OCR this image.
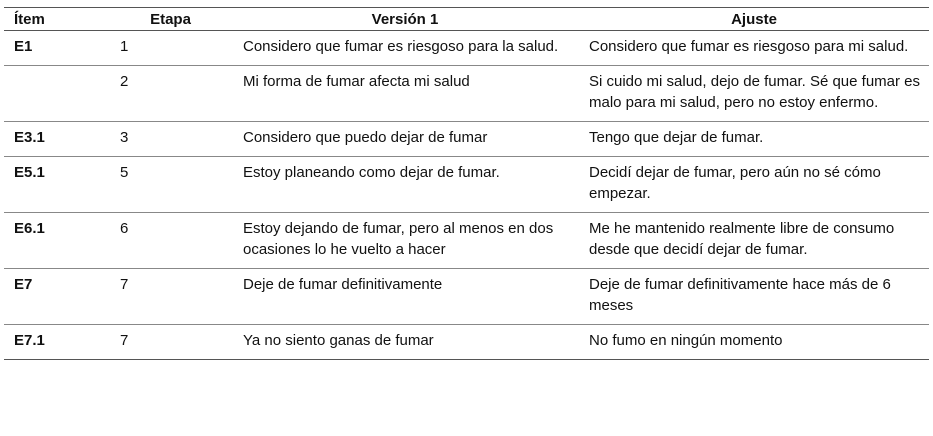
Ítem	Etapa	Versión 1	Ajuste
E1	1	Considero que fumar es riesgoso para la salud.	Considero que fumar es riesgoso para mi salud.
	2	Mi forma de fumar afecta mi salud	Si cuido mi salud, dejo de fumar. Sé que fumar es malo para mi salud, pero no estoy enfermo.
E3.1	3	Considero que puedo dejar de fumar	Tengo que dejar de fumar.
E5.1	5	Estoy planeando como dejar de fumar.	Decidí dejar de fumar, pero aún no sé cómo empezar.
E6.1	6	Estoy dejando de fumar, pero al menos en dos ocasiones lo he vuelto a hacer	Me he mantenido realmente libre de consumo desde que decidí dejar de fumar.
E7	7	Deje de fumar definitivamente	Deje de fumar definitivamente hace más de 6 meses
E7.1	7	Ya no siento ganas de fumar	No fumo en ningún momento
